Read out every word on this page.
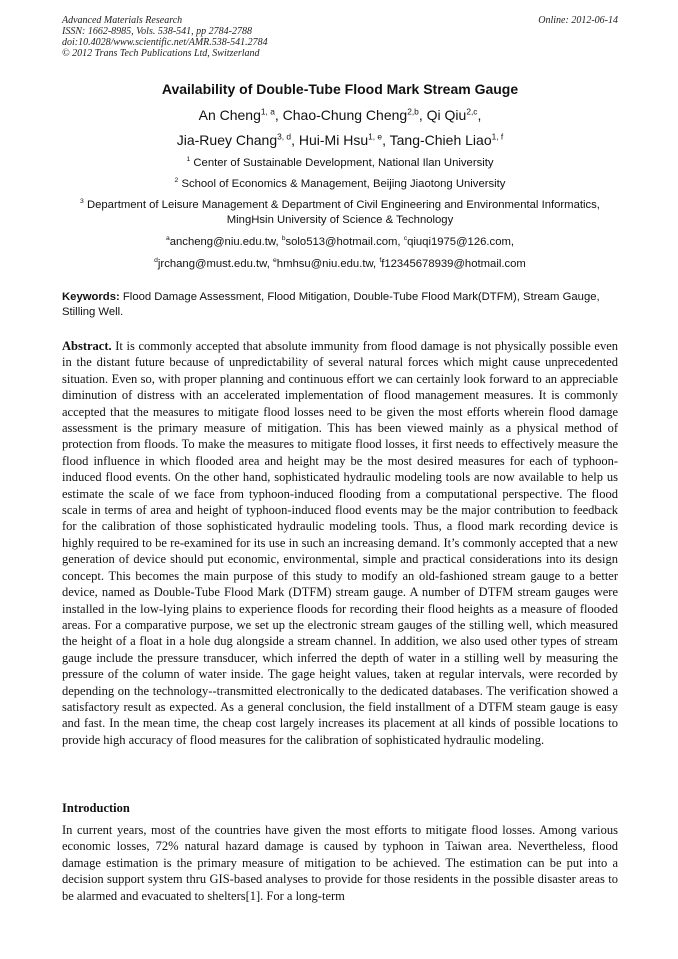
Advanced Materials Research
ISSN: 1662-8985, Vols. 538-541, pp 2784-2788
doi:10.4028/www.scientific.net/AMR.538-541.2784
© 2012 Trans Tech Publications Ltd, Switzerland
Online: 2012-06-14
Availability of Double-Tube Flood Mark Stream Gauge
An Cheng$^{1, a}$, Chao-Chung Cheng$^{2,b}$, Qi Qiu$^{2,c}$,
Jia-Ruey Chang$^{3, d}$, Hui-Mi Hsu$^{1, e}$, Tang-Chieh Liao$^{1, f}$
$^1$ Center of Sustainable Development, National Ilan University
$^2$ School of Economics & Management, Beijing Jiaotong University
$^3$ Department of Leisure Management & Department of Civil Engineering and Environmental Informatics, MingHsin University of Science & Technology
$^a$ancheng@niu.edu.tw, $^b$solo513@hotmail.com, $^c$qiuqi1975@126.com,
$^d$jrchang@must.edu.tw, $^e$hmhsu@niu.edu.tw, $^f$f12345678939@hotmail.com
Keywords: Flood Damage Assessment, Flood Mitigation, Double-Tube Flood Mark(DTFM), Stream Gauge, Stilling Well.
Abstract. It is commonly accepted that absolute immunity from flood damage is not physically possible even in the distant future because of unpredictability of several natural forces which might cause unprecedented situation. Even so, with proper planning and continuous effort we can certainly look forward to an appreciable diminution of distress with an accelerated implementation of flood management measures. It is commonly accepted that the measures to mitigate flood losses need to be given the most efforts wherein flood damage assessment is the primary measure of mitigation. This has been viewed mainly as a physical method of protection from floods. To make the measures to mitigate flood losses, it first needs to effectively measure the flood influence in which flooded area and height may be the most desired measures for each of typhoon-induced flood events. On the other hand, sophisticated hydraulic modeling tools are now available to help us estimate the scale of we face from typhoon-induced flooding from a computational perspective. The flood scale in terms of area and height of typhoon-induced flood events may be the major contribution to feedback for the calibration of those sophisticated hydraulic modeling tools. Thus, a flood mark recording device is highly required to be re-examined for its use in such an increasing demand. It’s commonly accepted that a new generation of device should put economic, environmental, simple and practical considerations into its design concept. This becomes the main purpose of this study to modify an old-fashioned stream gauge to a better device, named as Double-Tube Flood Mark (DTFM) stream gauge. A number of DTFM stream gauges were installed in the low-lying plains to experience floods for recording their flood heights as a measure of flooded areas. For a comparative purpose, we set up the electronic stream gauges of the stilling well, which measured the height of a float in a hole dug alongside a stream channel. In addition, we also used other types of stream gauge include the pressure transducer, which inferred the depth of water in a stilling well by measuring the pressure of the column of water inside. The gage height values, taken at regular intervals, were recorded by depending on the technology--transmitted electronically to the dedicated databases. The verification showed a satisfactory result as expected. As a general conclusion, the field installment of a DTFM steam gauge is easy and fast. In the mean time, the cheap cost largely increases its placement at all kinds of possible locations to provide high accuracy of flood measures for the calibration of sophisticated hydraulic modeling.
Introduction
In current years, most of the countries have given the most efforts to mitigate flood losses. Among various economic losses, 72% natural hazard damage is caused by typhoon in Taiwan area. Nevertheless, flood damage estimation is the primary measure of mitigation to be achieved. The estimation can be put into a decision support system thru GIS-based analyses to provide for those residents in the possible disaster areas to be alarmed and evacuated to shelters[1]. For a long-term
